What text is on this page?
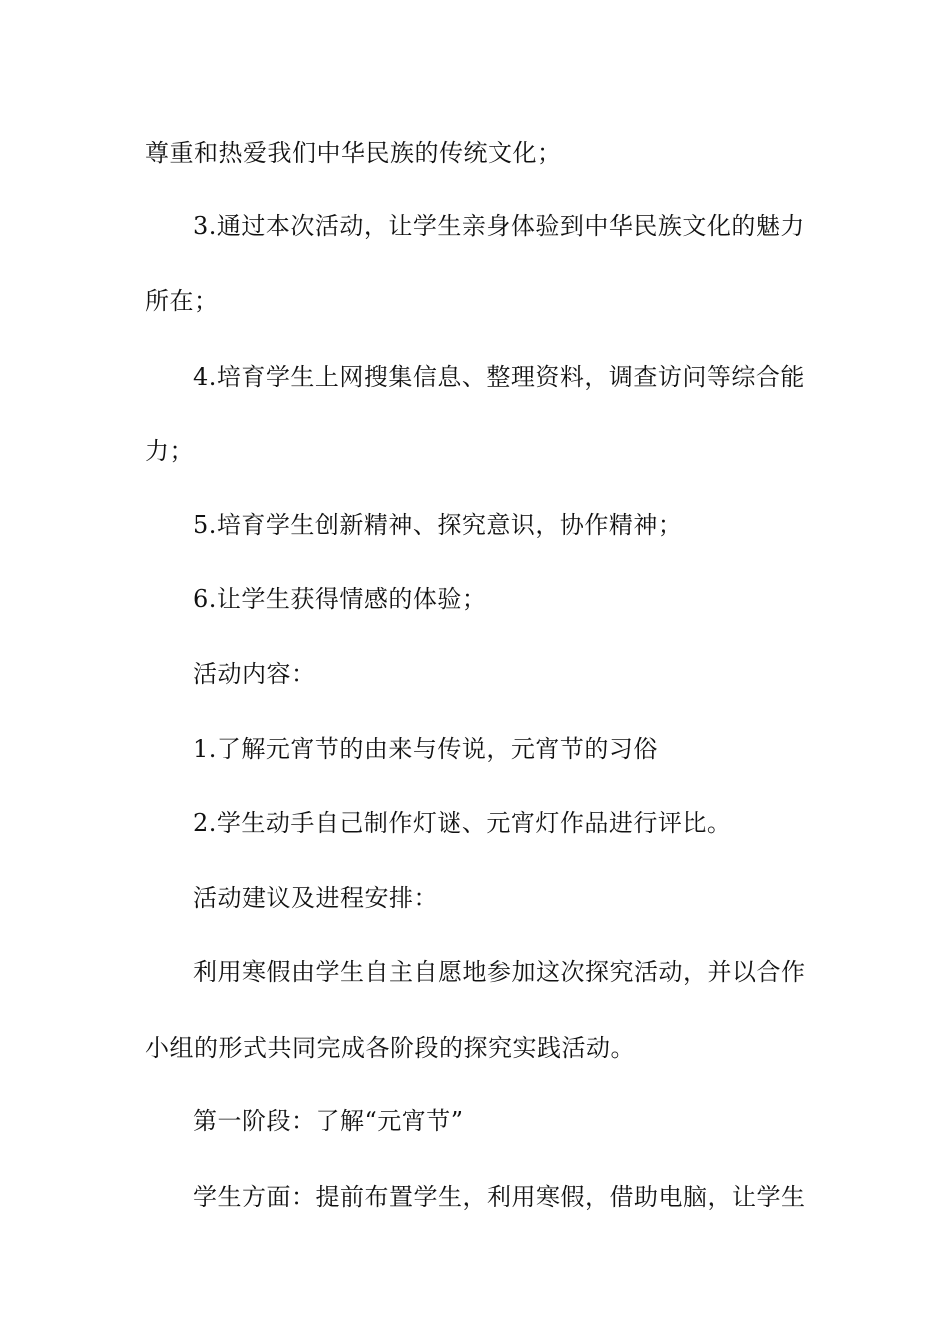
尊重和热爱我们中华民族的传统文化；
3.通过本次活动，让学生亲身体验到中华民族文化的魅力
所在；
4.培育学生上网搜集信息、整理资料，调查访问等综合能
力；
5.培育学生创新精神、探究意识，协作精神；
6.让学生获得情感的体验；
活动内容：
1.了解元宵节的由来与传说，元宵节的习俗
2.学生动手自己制作灯谜、元宵灯作品进行评比。
活动建议及进程安排：
利用寒假由学生自主自愿地参加这次探究活动，并以合作
小组的形式共同完成各阶段的探究实践活动。
第一阶段：了解“元宵节”
学生方面：提前布置学生，利用寒假，借助电脑，让学生
